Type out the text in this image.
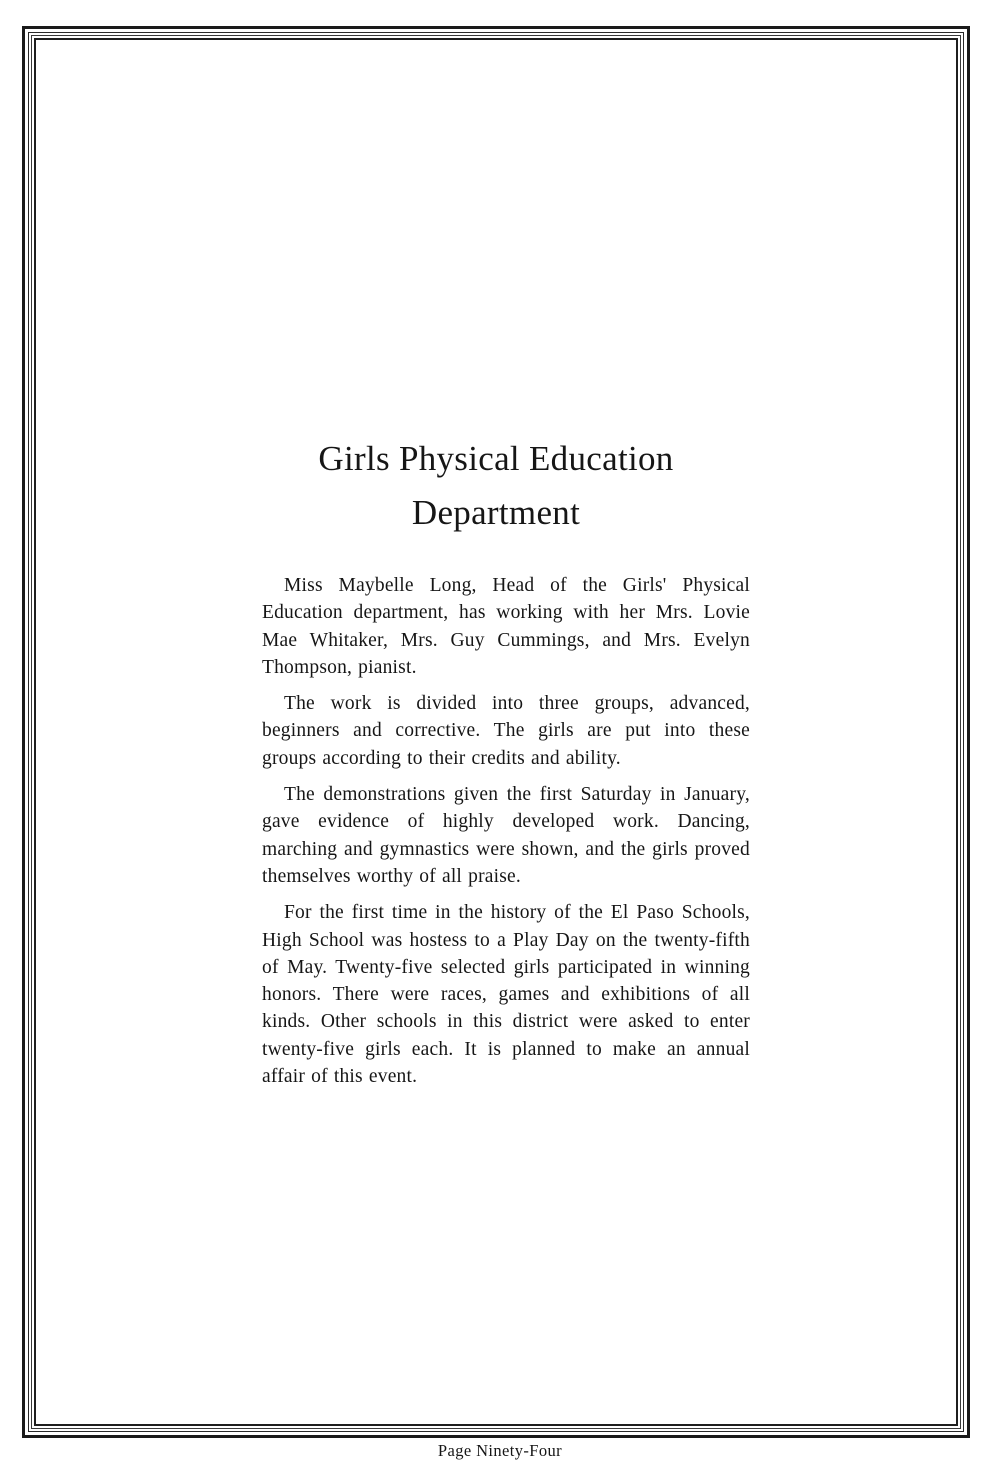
Girls Physical Education
Department

Miss Maybelle Long, Head of the Girls' Physical Education department, has working with her Mrs. Lovie Mae Whitaker, Mrs. Guy Cummings, and Mrs. Evelyn Thompson, pianist.

The work is divided into three groups, advanced, beginners and corrective. The girls are put into these groups according to their credits and ability.

The demonstrations given the first Saturday in January, gave evidence of highly developed work. Dancing, marching and gymnastics were shown, and the girls proved themselves worthy of all praise.

For the first time in the history of the El Paso Schools, High School was hostess to a Play Day on the twenty-fifth of May. Twenty-five selected girls participated in winning honors. There were races, games and exhibitions of all kinds. Other schools in this district were asked to enter twenty-five girls each. It is planned to make an annual affair of this event.

Page Ninety-Four
